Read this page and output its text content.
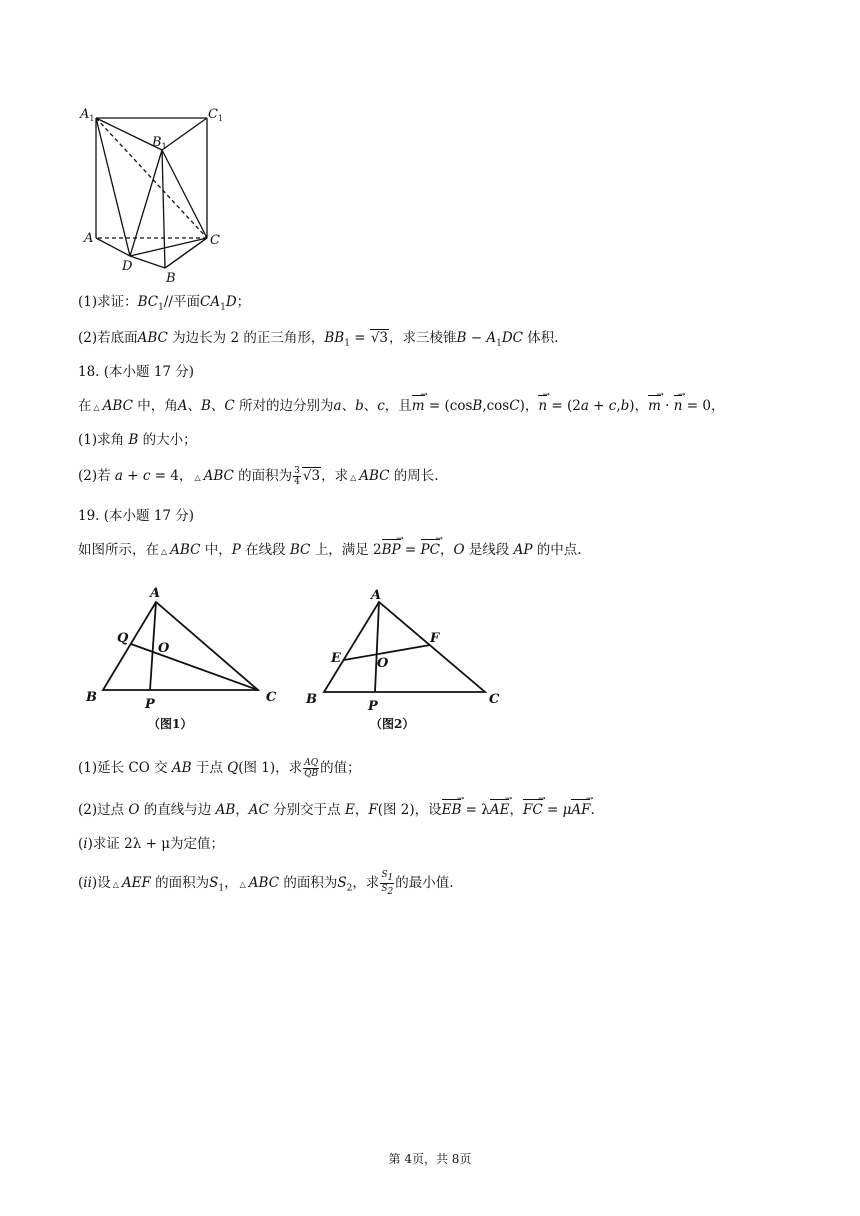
$A_1$	$C_1$
$B_1$
A	C
D
B
(1)求证：$BC_1//$平面$CA_1D$；
(2)若底面ABC 为边长为 2 的正三角形，$BB_1 = √3$，求三棱锥$B - A_1DC$ 体积.
18. (本小题 17 分)
在 △ ABC 中，角A、B、C 所对的边分别为a、b、c，且m → = (cosB,cosC)，n → = (2a + c,b)，m → · n → = 0，
(1)求角 B 的大小；
(2)若 a + c = 4， △ ABC 的面积为 $\frac{3}{4} √3$，求 △ ABC 的周长.
19. (本小题 17 分)
如图所示，在 △ ABC 中，P 在线段 BC 上，满足 2BP → = PC →，O 是线段 AP 的中点.
A
B	C
P
Q
O
（图1）
A
B	C
P
E
F
O
（图2）
(1)延长 CO 交 AB 于点 Q(图 1)，求 $\frac{AQ}{QB}$ 的值；
(2)过点 O 的直线与边 AB，AC 分别交于点 E，F(图 2)，设EB → = λAE →，FC → = μAF →.
(i)求证 2λ + μ为定值；
(ii)设 △ AEF 的面积为$S_1$， △ ABC 的面积为$S_2$，求 $\frac{S_1}{S_2}$ 的最小值.
第 4页，共 8页
